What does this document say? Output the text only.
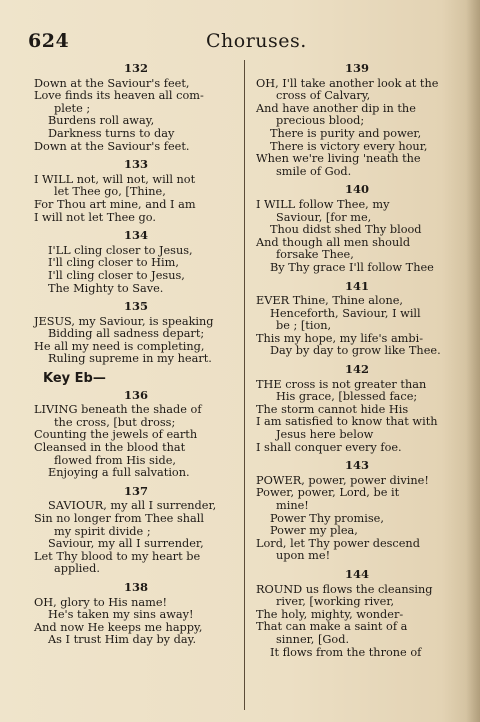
624	Choruses.
132
Down at the Saviour's feet,
Love finds its heaven all com-
plete ;
Burdens roll away,
Darkness turns to day
Down at the Saviour's feet.
133
I WILL not, will not, will not
let Thee go, [Thine,
For Thou art mine, and I am
I will not let Thee go.
134
I'LL cling closer to Jesus,
I'll cling closer to Him,
I'll cling closer to Jesus,
The Mighty to Save.
135
JESUS, my Saviour, is speaking
Bidding all sadness depart;
He all my need is completing,
Ruling supreme in my heart.
Key Eb—
136
LIVING beneath the shade of
the cross, [but dross;
Counting the jewels of earth
Cleansed in the blood that
flowed from His side,
Enjoying a full salvation.
137
SAVIOUR, my all I surrender,
Sin no longer from Thee shall
my spirit divide ;
Saviour, my all I surrender,
Let Thy blood to my heart be
applied.
138
OH, glory to His name!
He's taken my sins away!
And now He keeps me happy,
As I trust Him day by day.
139
OH, I'll take another look at the
cross of Calvary,
And have another dip in the
precious blood;
There is purity and power,
There is victory every hour,
When we're living 'neath the
smile of God.
140
I WILL follow Thee, my
Saviour, [for me,
Thou didst shed Thy blood
And though all men should
forsake Thee,
By Thy grace I'll follow Thee
141
EVER Thine, Thine alone,
Henceforth, Saviour, I will
be ; [tion,
This my hope, my life's ambi-
Day by day to grow like Thee.
142
THE cross is not greater than
His grace, [blessed face;
The storm cannot hide His
I am satisfied to know that with
Jesus here below
I shall conquer every foe.
143
POWER, power, power divine!
Power, power, Lord, be it
mine!
Power Thy promise,
Power my plea,
Lord, let Thy power descend
upon me!
144
ROUND us flows the cleansing
river, [working river,
The holy, mighty, wonder-
That can make a saint of a
sinner, [God.
It flows from the throne of
